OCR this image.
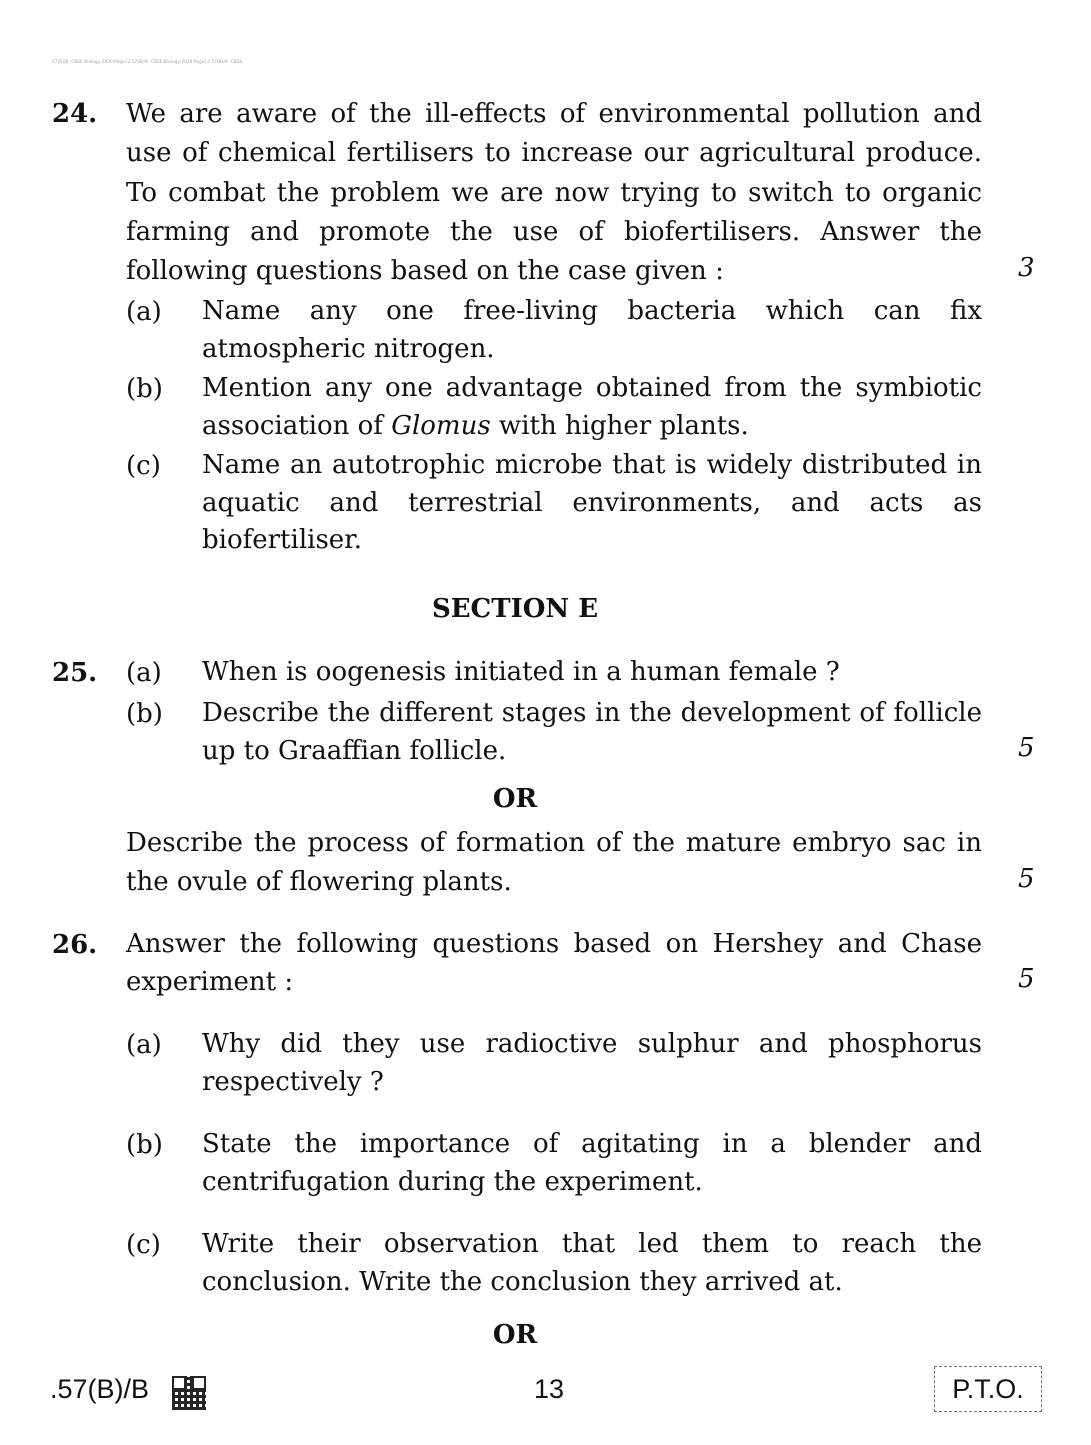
57(B)/B ·CBSE·Biology·2020·Page13·57(B)/B ·CBSE·Biology·2020·Page13·57(B)/B ·CBSE
24. We are aware of the ill-effects of environmental pollution and use of chemical fertilisers to increase our agricultural produce. To combat the problem we are now trying to switch to organic farming and promote the use of biofertilisers. Answer the following questions based on the case given :
(a)	Name any one free-living bacteria which can fix atmospheric nitrogen.
(b)	Mention any one advantage obtained from the symbiotic association of Glomus with higher plants.
(c)	Name an autotrophic microbe that is widely distributed in aquatic and terrestrial environments, and acts as biofertiliser.
3
SECTION E
25. (a)	When is oogenesis initiated in a human female ?
(b)	Describe the different stages in the development of follicle up to Graaffian follicle.	5
OR
Describe the process of formation of the mature embryo sac in the ovule of flowering plants.	5
26. Answer the following questions based on Hershey and Chase experiment :
(a)	Why did they use radioctive sulphur and phosphorus respectively ?
(b)	State the importance of agitating in a blender and centrifugation during the experiment.
(c)	Write their observation that led them to reach the conclusion. Write the conclusion they arrived at.
5
OR
.57(B)/B	13	P.T.O.
